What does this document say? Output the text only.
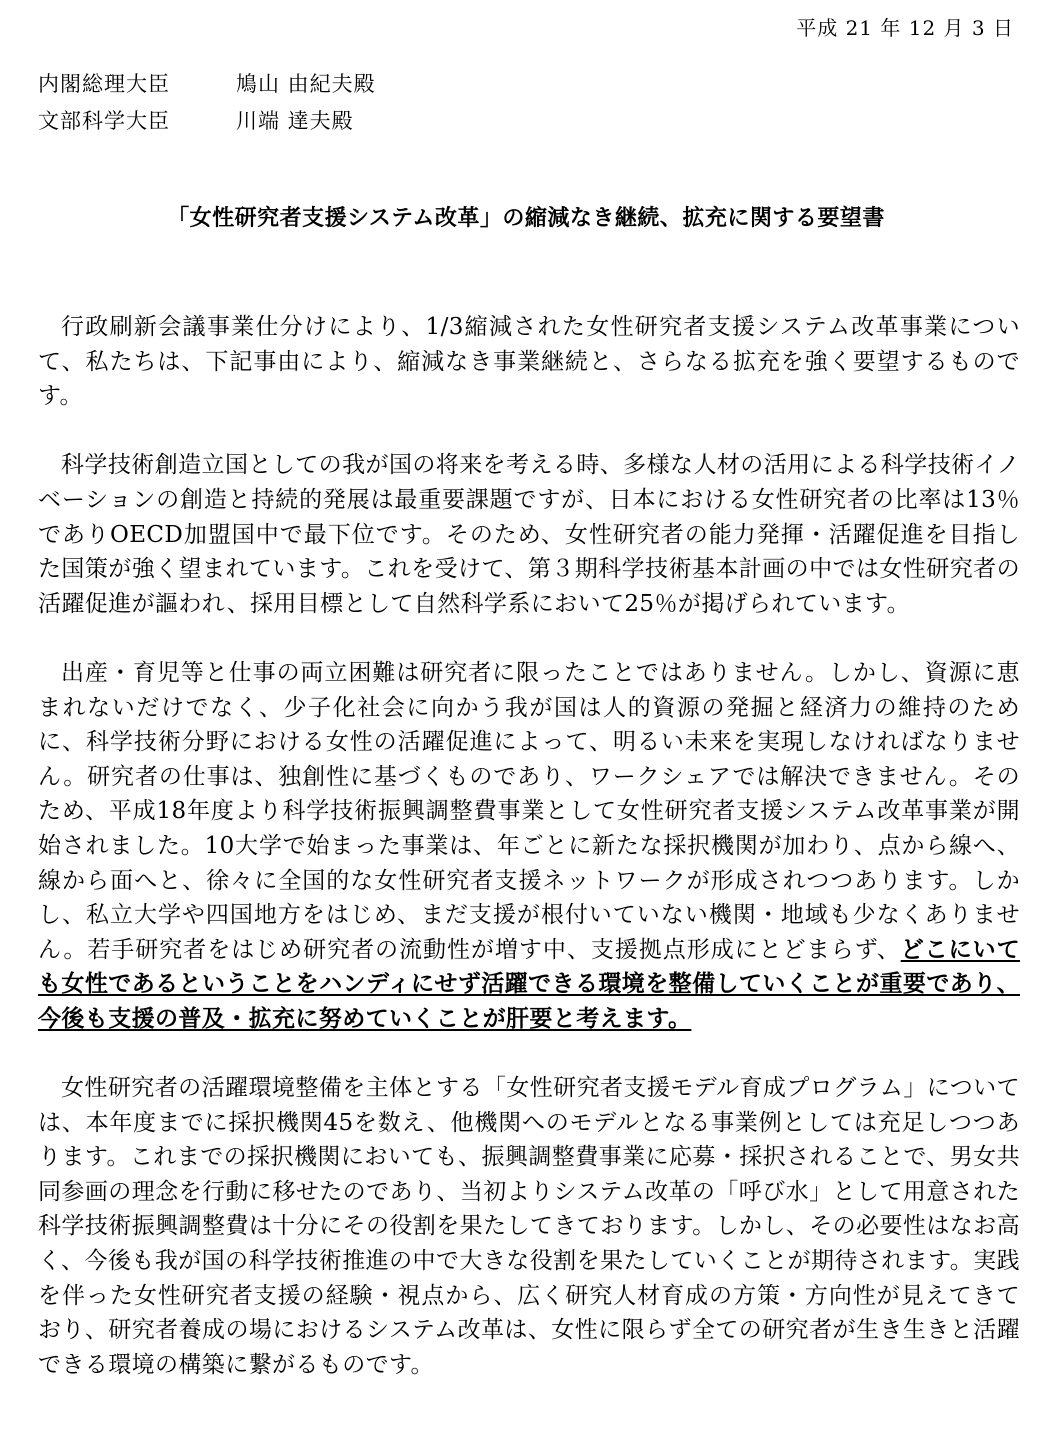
平成 21 年 12 月 3 日
内閣総理大臣	鳩山 由紀夫殿
文部科学大臣	川端 達夫殿
「女性研究者支援システム改革」の縮減なき継続、拡充に関する要望書

行政刷新会議事業仕分けにより、1/3縮減された女性研究者支援システム改革事業について、私たちは、下記事由により、縮減なき事業継続と、さらなる拡充を強く要望するものです。

科学技術創造立国としての我が国の将来を考える時、多様な人材の活用による科学技術イノベーションの創造と持続的発展は最重要課題ですが、日本における女性研究者の比率は13％でありOECD加盟国中で最下位です。そのため、女性研究者の能力発揮・活躍促進を目指した国策が強く望まれています。これを受けて、第３期科学技術基本計画の中では女性研究者の活躍促進が謳われ、採用目標として自然科学系において25％が掲げられています。

出産・育児等と仕事の両立困難は研究者に限ったことではありません。しかし、資源に恵まれないだけでなく、少子化社会に向かう我が国は人的資源の発掘と経済力の維持のために、科学技術分野における女性の活躍促進によって、明るい未来を実現しなければなりません。研究者の仕事は、独創性に基づくものであり、ワークシェアでは解決できません。そのため、平成18年度より科学技術振興調整費事業として女性研究者支援システム改革事業が開始されました。10大学で始まった事業は、年ごとに新たな採択機関が加わり、点から線へ、線から面へと、徐々に全国的な女性研究者支援ネットワークが形成されつつあります。しかし、私立大学や四国地方をはじめ、まだ支援が根付いていない機関・地域も少なくありません。若手研究者をはじめ研究者の流動性が増す中、支援拠点形成にとどまらず、どこにいても女性であるということをハンディにせず活躍できる環境を整備していくことが重要であり、今後も支援の普及・拡充に努めていくことが肝要と考えます。

女性研究者の活躍環境整備を主体とする「女性研究者支援モデル育成プログラム」については、本年度までに採択機関45を数え、他機関へのモデルとなる事業例としては充足しつつあります。これまでの採択機関においても、振興調整費事業に応募・採択されることで、男女共同参画の理念を行動に移せたのであり、当初よりシステム改革の「呼び水」として用意された科学技術振興調整費は十分にその役割を果たしてきております。しかし、その必要性はなお高く、今後も我が国の科学技術推進の中で大きな役割を果たしていくことが期待されます。実践を伴った女性研究者支援の経験・視点から、広く研究人材育成の方策・方向性が見えてきており、研究者養成の場におけるシステム改革は、女性に限らず全ての研究者が生き生きと活躍できる環境の構築に繋がるものです。
